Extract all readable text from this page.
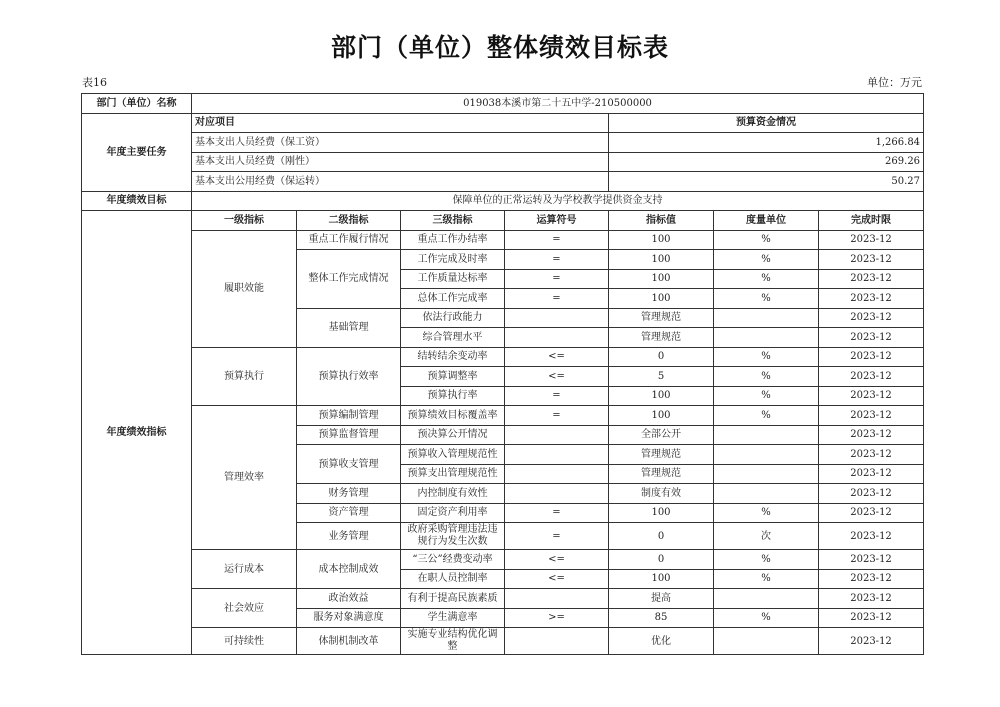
部门（单位）整体绩效目标表
表16	单位：万元
部门（单位）名称	019038本溪市第二十五中学-210500000						
年度主要任务	对应项目				预算资金情况		
	基本支出人员经费（保工资）				1,266.84		
	基本支出人员经费（刚性）				269.26		
	基本支出公用经费（保运转）				50.27		
年度绩效目标	保障单位的正常运转及为学校教学提供资金支持						
年度绩效指标	一级指标	二级指标	三级指标	运算符号	指标值	度量单位	完成时限
	履职效能	重点工作履行情况	重点工作办结率	=	100	%	2023-12
		整体工作完成情况	工作完成及时率	=	100	%	2023-12
			工作质量达标率	=	100	%	2023-12
			总体工作完成率	=	100	%	2023-12
		基础管理	依法行政能力		管理规范		2023-12
			综合管理水平		管理规范		2023-12
	预算执行	预算执行效率	结转结余变动率	<=	0	%	2023-12
			预算调整率	<=	5	%	2023-12
			预算执行率	=	100	%	2023-12
	管理效率	预算编制管理	预算绩效目标覆盖率	=	100	%	2023-12
		预算监督管理	预决算公开情况		全部公开		2023-12
		预算收支管理	预算收入管理规范性		管理规范		2023-12
			预算支出管理规范性		管理规范		2023-12
		财务管理	内控制度有效性		制度有效		2023-12
		资产管理	固定资产利用率	=	100	%	2023-12
		业务管理	政府采购管理违法违规行为发生次数	=	0	次	2023-12
	运行成本	成本控制成效	“三公”经费变动率	<=	0	%	2023-12
			在职人员控制率	<=	100	%	2023-12
	社会效应	政治效益	有利于提高民族素质		提高		2023-12
		服务对象满意度	学生满意率	>=	85	%	2023-12
	可持续性	体制机制改革	实施专业结构优化调整		优化		2023-12
